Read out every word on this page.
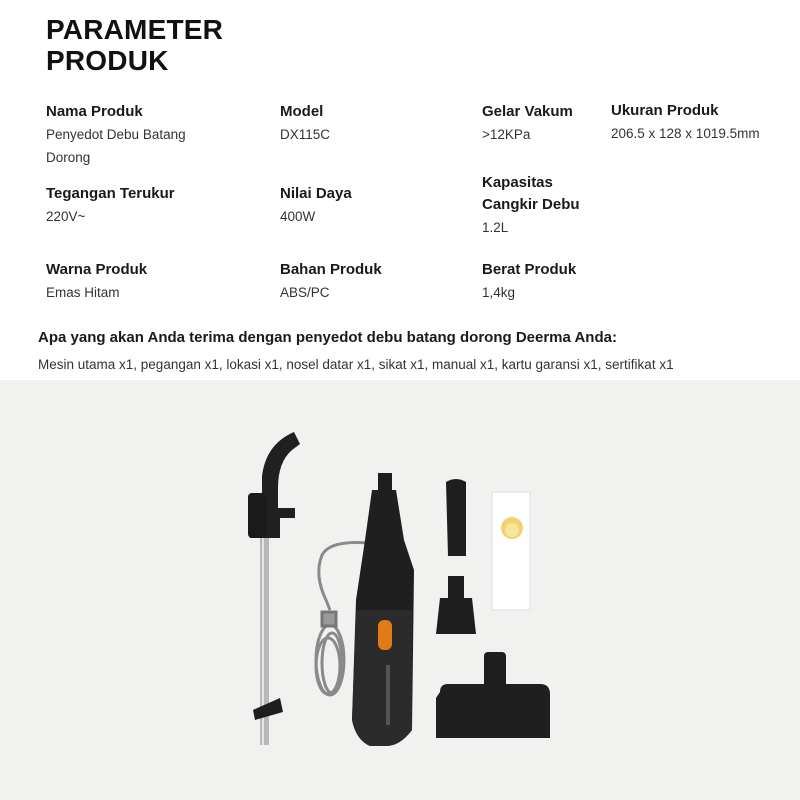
PARAMETER
PRODUK
Nama Produk
Penyedot Debu Batang
Dorong
Model
DX115C
Gelar Vakum
>12KPa
Ukuran Produk
206.5 x 128 x 1019.5mm
Tegangan Terukur
220V~
Nilai Daya
400W
Kapasitas
Cangkir Debu
1.2L
Warna Produk
Emas Hitam
Bahan Produk
ABS/PC
Berat Produk
1,4kg
Apa yang akan Anda terima dengan penyedot debu batang dorong Deerma Anda:
Mesin utama x1, pegangan x1, lokasi x1, nosel datar x1, sikat x1, manual x1, kartu garansi x1, sertifikat x1
